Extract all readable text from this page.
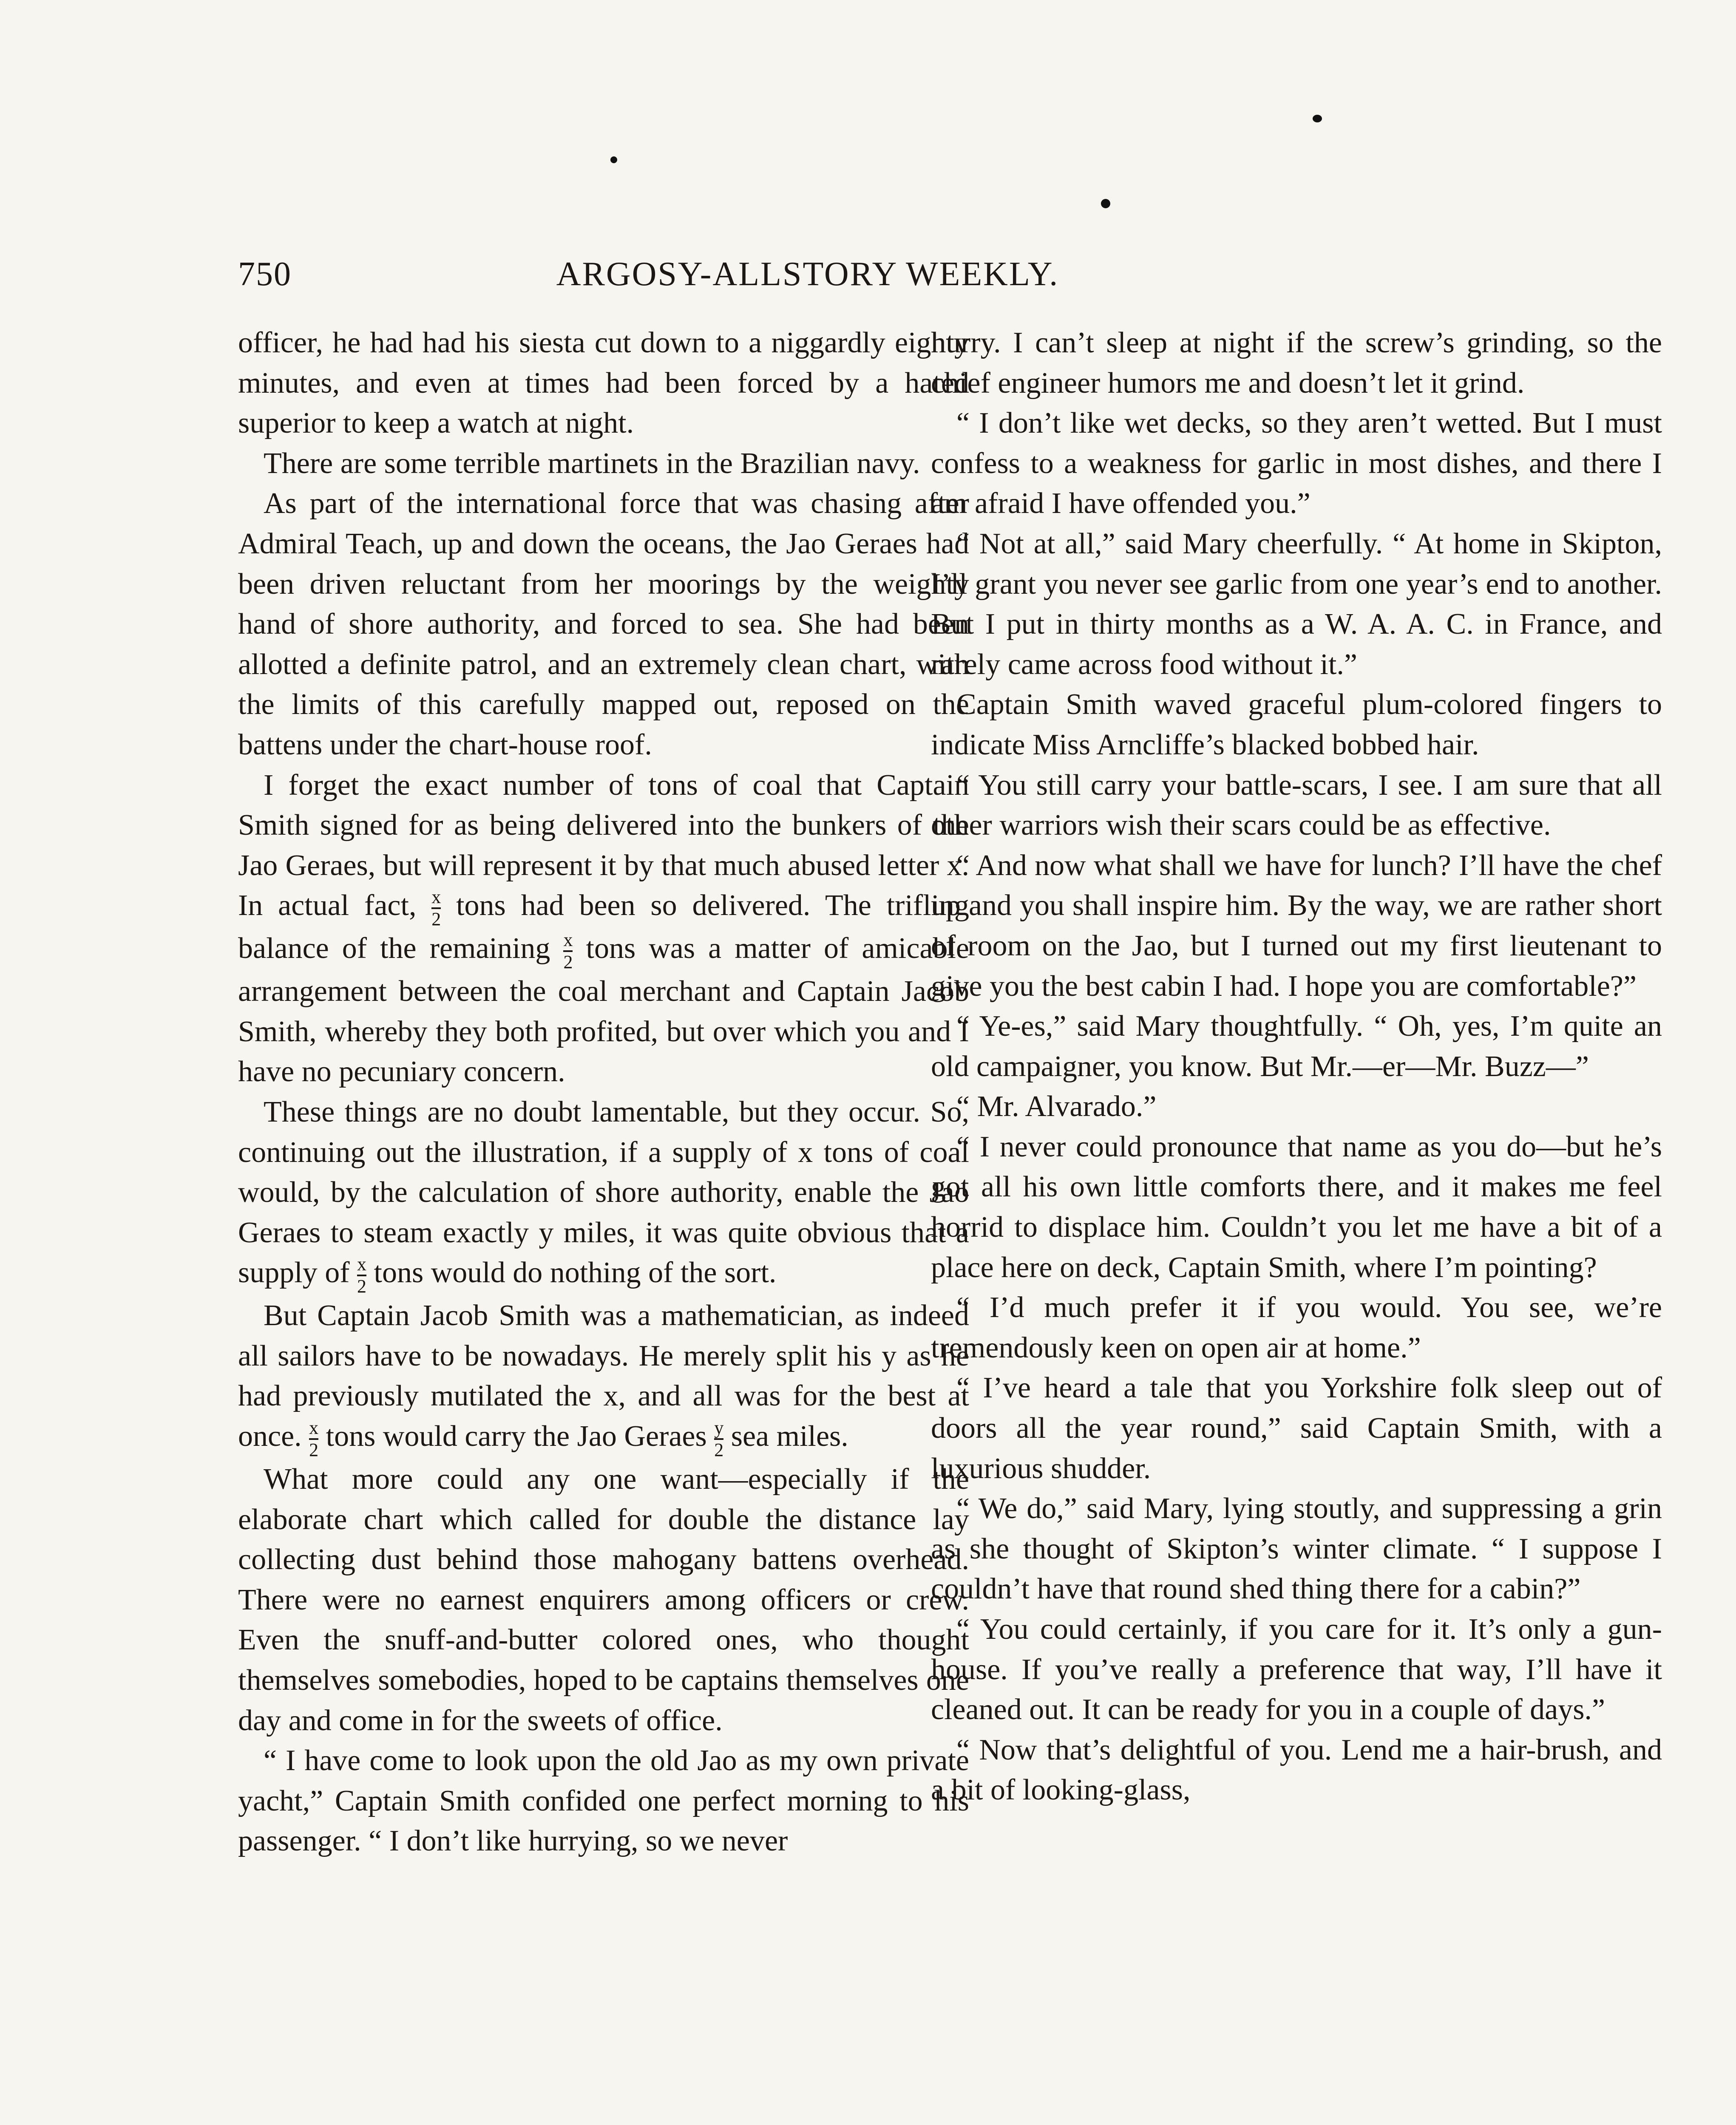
750	ARGOSY-ALLSTORY WEEKLY.

officer, he had had his siesta cut down to a niggardly eighty minutes, and even at times had been forced by a hated superior to keep a watch at night.

There are some terrible martinets in the Brazilian navy.

As part of the international force that was chasing after Admiral Teach, up and down the oceans, the Jao Geraes had been driven reluctant from her moorings by the weighty hand of shore authority, and forced to sea. She had been allotted a definite patrol, and an extremely clean chart, with the limits of this carefully mapped out, reposed on the battens under the chart-house roof.

I forget the exact number of tons of coal that Captain Smith signed for as being delivered into the bunkers of the Jao Geraes, but will represent it by that much abused letter x. In actual fact, $\frac{x}{2}$ tons had been so delivered. The trifling balance of the remaining $\frac{x}{2}$ tons was a matter of amicable arrangement between the coal merchant and Captain Jacob Smith, whereby they both profited, but over which you and I have no pecuniary concern.

These things are no doubt lamentable, but they occur. So, continuing out the illustration, if a supply of x tons of coal would, by the calculation of shore authority, enable the Jao Geraes to steam exactly y miles, it was quite obvious that a supply of $\frac{x}{2}$ tons would do nothing of the sort.

But Captain Jacob Smith was a mathematician, as indeed all sailors have to be nowadays. He merely split his y as he had previously mutilated the x, and all was for the best at once. $\frac{x}{2}$ tons would carry the Jao Geraes $\frac{y}{2}$ sea miles.

What more could any one want—especially if the elaborate chart which called for double the distance lay collecting dust behind those mahogany battens overhead. There were no earnest enquirers among officers or crew. Even the snuff-and-butter colored ones, who thought themselves somebodies, hoped to be captains themselves one day and come in for the sweets of office.

“ I have come to look upon the old Jao as my own private yacht,” Captain Smith confided one perfect morning to his passenger. “ I don’t like hurrying, so we never

hurry. I can’t sleep at night if the screw’s grinding, so the chief engineer humors me and doesn’t let it grind.

“ I don’t like wet decks, so they aren’t wetted. But I must confess to a weakness for garlic in most dishes, and there I am afraid I have offended you.”

“ Not at all,” said Mary cheerfully. “ At home in Skipton, I’ll grant you never see garlic from one year’s end to another. But I put in thirty months as a W. A. A. C. in France, and rarely came across food without it.”

Captain Smith waved graceful plum-colored fingers to indicate Miss Arncliffe’s blacked bobbed hair.

“ You still carry your battle-scars, I see. I am sure that all other warriors wish their scars could be as effective.

“ And now what shall we have for lunch? I’ll have the chef up and you shall inspire him. By the way, we are rather short of room on the Jao, but I turned out my first lieutenant to give you the best cabin I had. I hope you are comfortable?”

“ Ye-es,” said Mary thoughtfully. “ Oh, yes, I’m quite an old campaigner, you know. But Mr.—er—Mr. Buzz—”

“ Mr. Alvarado.”

“ I never could pronounce that name as you do—but he’s got all his own little comforts there, and it makes me feel horrid to displace him. Couldn’t you let me have a bit of a place here on deck, Captain Smith, where I’m pointing?

“ I’d much prefer it if you would. You see, we’re tremendously keen on open air at home.”

“ I’ve heard a tale that you Yorkshire folk sleep out of doors all the year round,” said Captain Smith, with a luxurious shudder.

“ We do,” said Mary, lying stoutly, and suppressing a grin as she thought of Skipton’s winter climate. “ I suppose I couldn’t have that round shed thing there for a cabin?”

“ You could certainly, if you care for it. It’s only a gun-house. If you’ve really a preference that way, I’ll have it cleaned out. It can be ready for you in a couple of days.”

“ Now that’s delightful of you. Lend me a hair-brush, and a bit of looking-glass,
